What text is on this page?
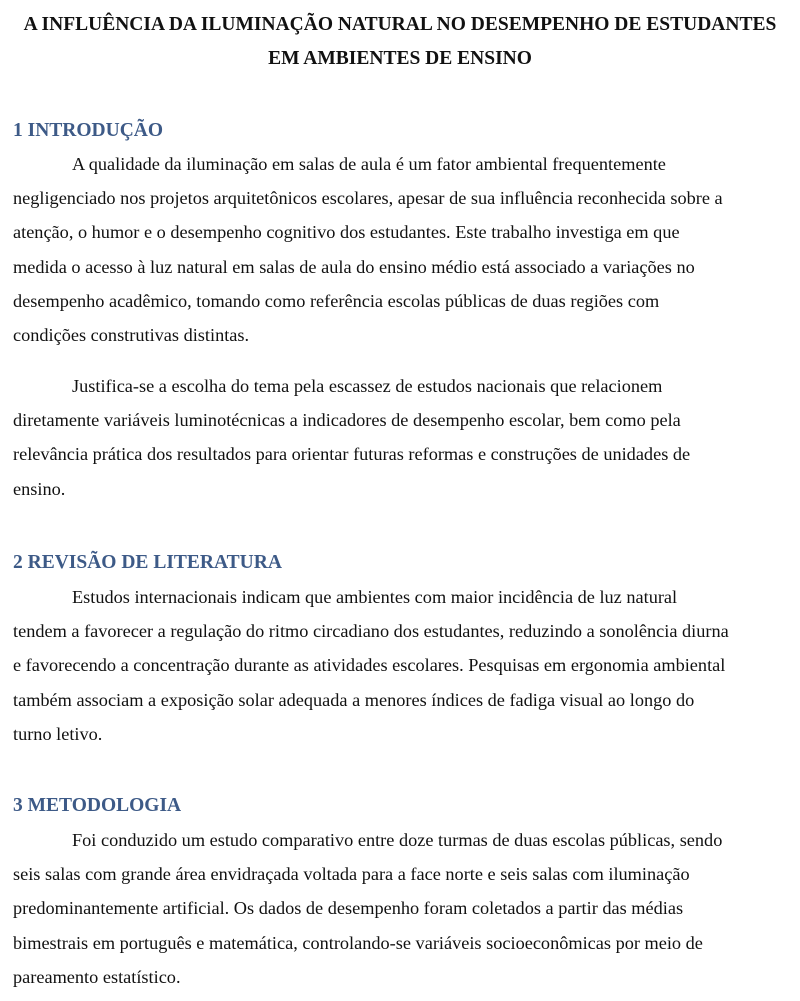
A INFLUÊNCIA DA ILUMINAÇÃO NATURAL NO DESEMPENHO DE ESTUDANTES
EM AMBIENTES DE ENSINO
1 INTRODUÇÃO

A qualidade da iluminação em salas de aula é um fator ambiental frequentemente
negligenciado nos projetos arquitetônicos escolares, apesar de sua influência reconhecida sobre a
atenção, o humor e o desempenho cognitivo dos estudantes. Este trabalho investiga em que
medida o acesso à luz natural em salas de aula do ensino médio está associado a variações no
desempenho acadêmico, tomando como referência escolas públicas de duas regiões com
condições construtivas distintas.

Justifica-se a escolha do tema pela escassez de estudos nacionais que relacionem
diretamente variáveis luminotécnicas a indicadores de desempenho escolar, bem como pela
relevância prática dos resultados para orientar futuras reformas e construções de unidades de
ensino.

2 REVISÃO DE LITERATURA

Estudos internacionais indicam que ambientes com maior incidência de luz natural
tendem a favorecer a regulação do ritmo circadiano dos estudantes, reduzindo a sonolência diurna
e favorecendo a concentração durante as atividades escolares. Pesquisas em ergonomia ambiental
também associam a exposição solar adequada a menores índices de fadiga visual ao longo do
turno letivo.

3 METODOLOGIA

Foi conduzido um estudo comparativo entre doze turmas de duas escolas públicas, sendo
seis salas com grande área envidraçada voltada para a face norte e seis salas com iluminação
predominantemente artificial. Os dados de desempenho foram coletados a partir das médias
bimestrais em português e matemática, controlando-se variáveis socioeconômicas por meio de
pareamento estatístico.
